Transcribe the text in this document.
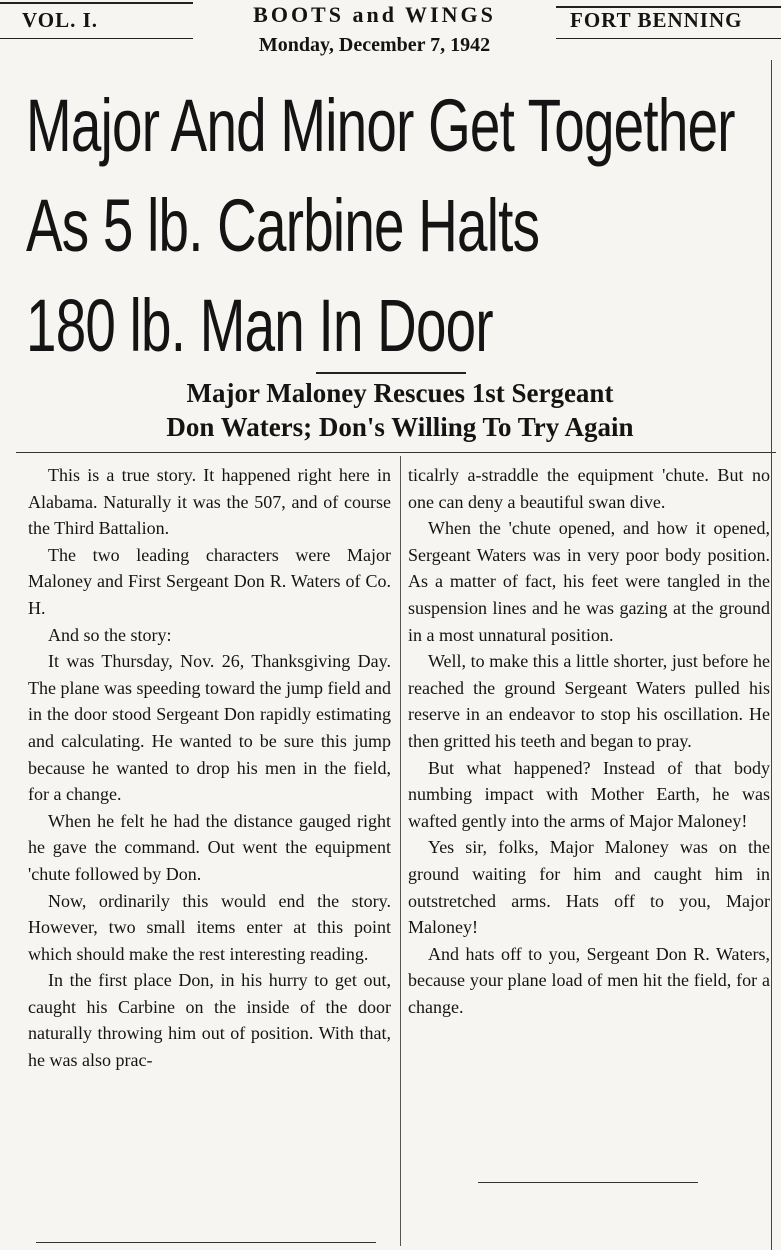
VOL. I.	BOOTS and WINGS
Monday, December 7, 1942
FORT BENNING
Major And Minor Get Together
As 5 lb. Carbine Halts
180 lb. Man In Door
Major Maloney Rescues 1st Sergeant
Don Waters; Don's Willing To Try Again

This is a true story. It happened right here in Alabama. Naturally it was the 507, and of course the Third Battalion.

The two leading characters were Major Maloney and First Sergeant Don R. Waters of Co. H.

And so the story:

It was Thursday, Nov. 26, Thanksgiving Day. The plane was speeding toward the jump field and in the door stood Sergeant Don rapidly estimating and calculating. He wanted to be sure this jump because he wanted to drop his men in the field, for a change.

When he felt he had the distance gauged right he gave the command. Out went the equipment 'chute followed by Don.

Now, ordinarily this would end the story. However, two small items enter at this point which should make the rest interesting reading.

In the first place Don, in his hurry to get out, caught his Carbine on the inside of the door naturally throwing him out of position. With that, he was also prac-

ticalrly a-straddle the equipment 'chute. But no one can deny a beautiful swan dive.

When the 'chute opened, and how it opened, Sergeant Waters was in very poor body position. As a matter of fact, his feet were tangled in the suspension lines and he was gazing at the ground in a most unnatural position.

Well, to make this a little shorter, just before he reached the ground Sergeant Waters pulled his reserve in an endeavor to stop his oscillation. He then gritted his teeth and began to pray.

But what happened? Instead of that body numbing impact with Mother Earth, he was wafted gently into the arms of Major Maloney!

Yes sir, folks, Major Maloney was on the ground waiting for him and caught him in outstretched arms. Hats off to you, Major Maloney!

And hats off to you, Sergeant Don R. Waters, because your plane load of men hit the field, for a change.
